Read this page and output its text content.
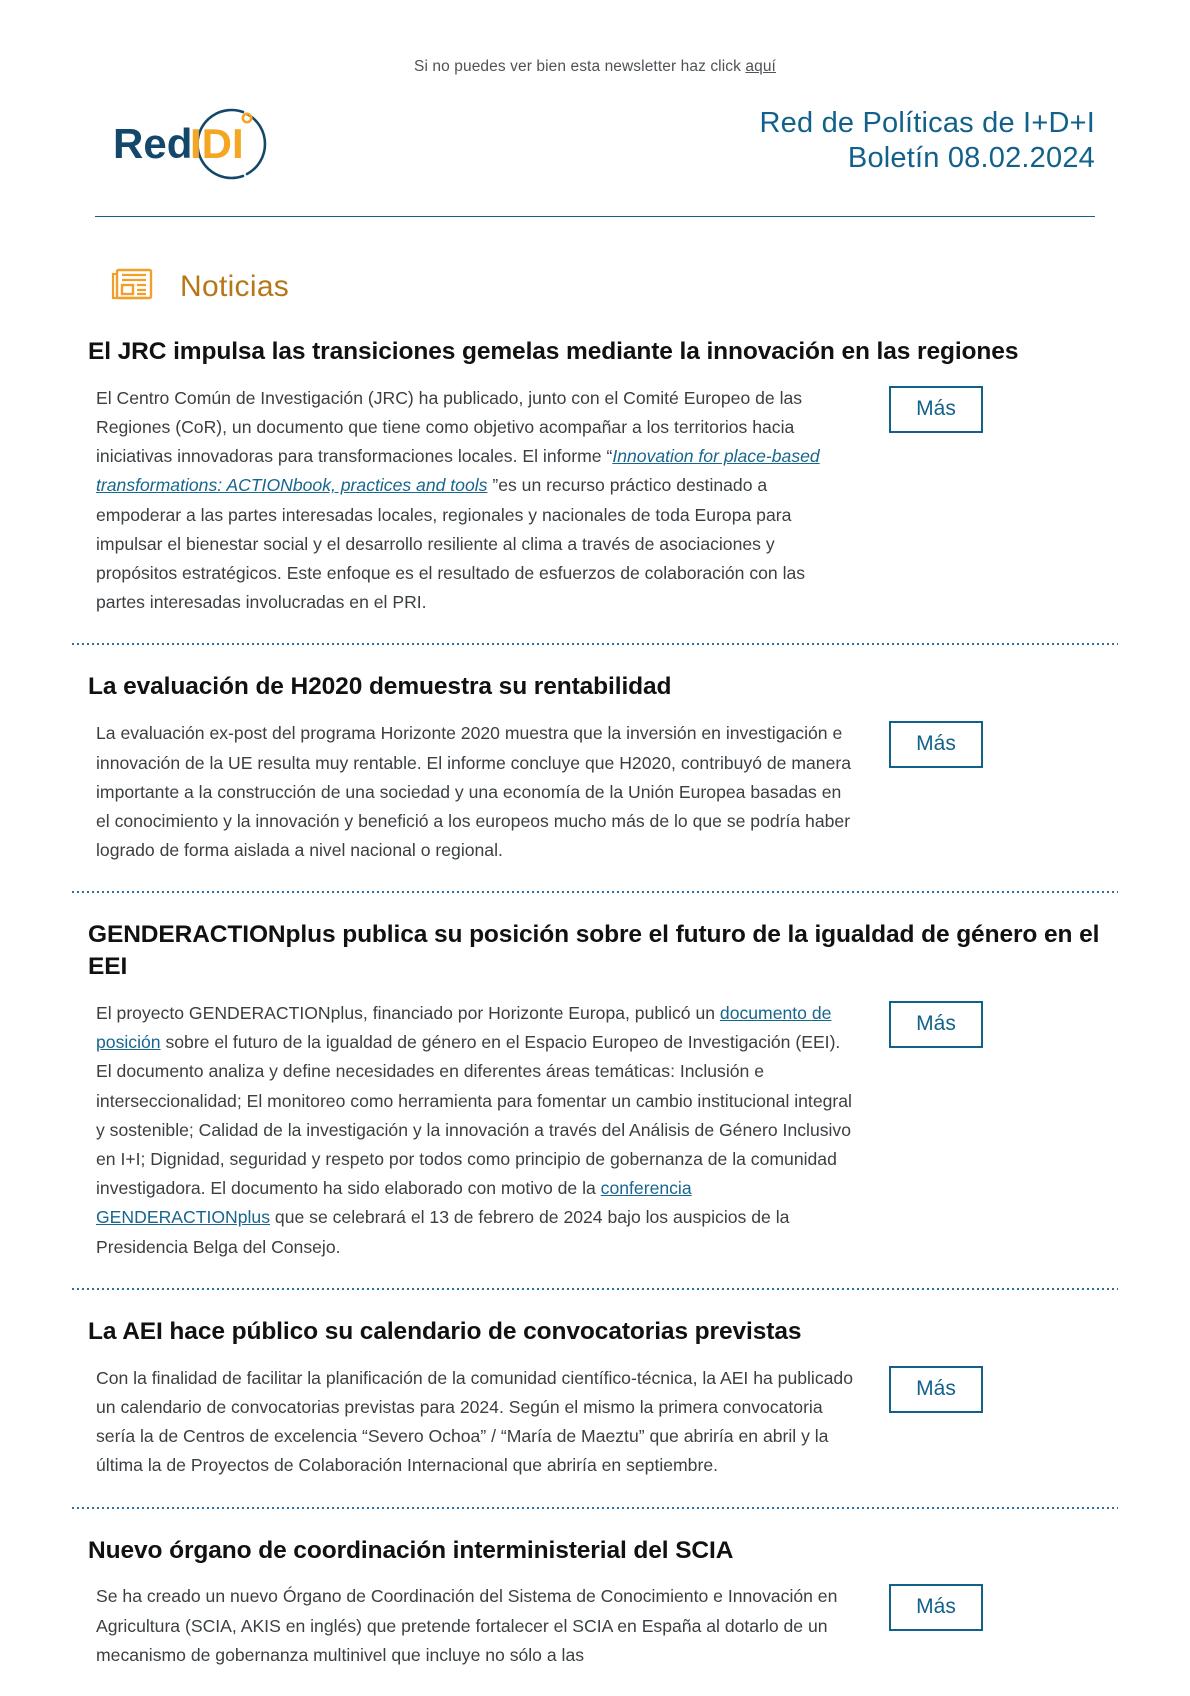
Si no puedes ver bien esta newsletter haz click aquí
Red
IDI	Red de Políticas de I+D+I
Boletín 08.02.2024
Noticias
El JRC impulsa las transiciones gemelas mediante la innovación en las regiones

El Centro Común de Investigación (JRC) ha publicado, junto con el Comité Europeo de las Regiones (CoR), un documento que tiene como objetivo acompañar a los territorios hacia iniciativas innovadoras para transformaciones locales. El informe “Innovation for place-based transformations: ACTIONbook, practices and tools ”es un recurso práctico destinado a empoderar a las partes interesadas locales, regionales y nacionales de toda Europa para impulsar el bienestar social y el desarrollo resiliente al clima a través de asociaciones y propósitos estratégicos. Este enfoque es el resultado de esfuerzos de colaboración con las partes interesadas involucradas en el PRI.

Más
La evaluación de H2020 demuestra su rentabilidad

La evaluación ex-post del programa Horizonte 2020 muestra que la inversión en investigación e innovación de la UE resulta muy rentable. El informe concluye que H2020, contribuyó de manera importante a la construcción de una sociedad y una economía de la Unión Europea basadas en el conocimiento y la innovación y benefició a los europeos mucho más de lo que se podría haber logrado de forma aislada a nivel nacional o regional.

Más
GENDERACTIONplus publica su posición sobre el futuro de la igualdad de género en el EEI

El proyecto GENDERACTIONplus, financiado por Horizonte Europa, publicó un documento de posición sobre el futuro de la igualdad de género en el Espacio Europeo de Investigación (EEI). El documento analiza y define necesidades en diferentes áreas temáticas: Inclusión e interseccionalidad; El monitoreo como herramienta para fomentar un cambio institucional integral y sostenible; Calidad de la investigación y la innovación a través del Análisis de Género Inclusivo en I+I; Dignidad, seguridad y respeto por todos como principio de gobernanza de la comunidad investigadora. El documento ha sido elaborado con motivo de la conferencia GENDERACTIONplus que se celebrará el 13 de febrero de 2024 bajo los auspicios de la Presidencia Belga del Consejo.

Más
La AEI hace público su calendario de convocatorias previstas

Con la finalidad de facilitar la planificación de la comunidad científico-técnica, la AEI ha publicado un calendario de convocatorias previstas para 2024. Según el mismo la primera convocatoria sería la de Centros de excelencia “Severo Ochoa” / “María de Maeztu” que abriría en abril y la última la de Proyectos de Colaboración Internacional que abriría en septiembre.

Más
Nuevo órgano de coordinación interministerial del SCIA

Se ha creado un nuevo Órgano de Coordinación del Sistema de Conocimiento e Innovación en Agricultura (SCIA, AKIS en inglés) que pretende fortalecer el SCIA en España al dotarlo de un mecanismo de gobernanza multinivel que incluye no sólo a las

Más
